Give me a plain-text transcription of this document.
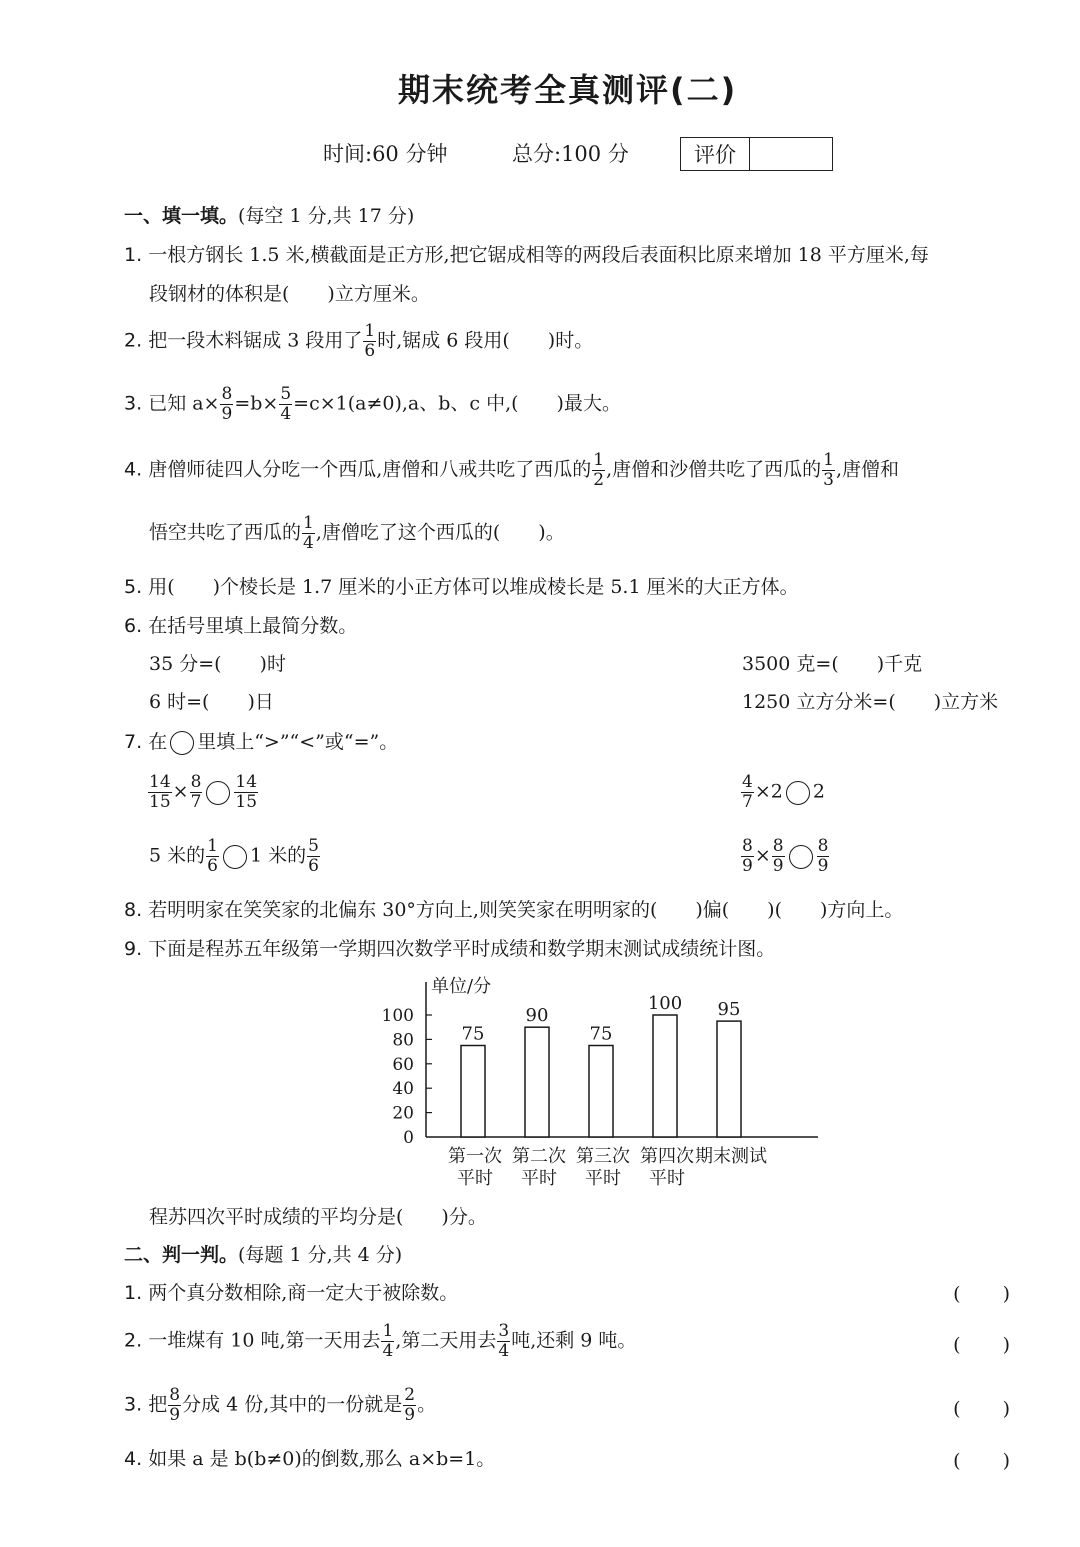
期末统考全真测评(二)
时间:60 分钟	总分:100 分	评价
一、填一填。(每空 1 分,共 17 分)
1. 一根方钢长 1.5 米,横截面是正方形,把它锯成相等的两段后表面积比原来增加 18 平方厘米,每
段钢材的体积是(　　)立方厘米。
2. 把一段木料锯成 3 段用了 $\frac{1}{6}$ 时,锯成 6 段用(　　)时。
3. 已知 $a\times \frac{8}{9} =b\times \frac{5}{4} =c\times 1(a\ne 0),a$、b、c 中,(　　)最大。
4. 唐僧师徒四人分吃一个西瓜,唐僧和八戒共吃了西瓜的 $\frac{1}{2}$ ,唐僧和沙僧共吃了西瓜的 $\frac{1}{3}$ ,唐僧和
悟空共吃了西瓜的 $\frac{1}{4}$ ,唐僧吃了这个西瓜的(　　)。
5. 用(　　)个棱长是 1.7 厘米的小正方体可以堆成棱长是 5.1 厘米的大正方体。
6. 在括号里填上最简分数。
35 分=(　　)时	3500 克=(　　)千克
6 时=(　　)日	1250 立方分米=(　　)立方米
7. 在 里填上“>”“<”或“=”。
$\frac{14}{15} \times \frac{8}{7} \frac{14}{15}$	$\frac{4}{7} \times 2$ 2
5 米的 $\frac{1}{6} 1$ 米的 $\frac{5}{6}$	$\frac{8}{9} \times \frac{8}{9} \frac{8}{9}$
8. 若明明家在笑笑家的北偏东 30°方向上,则笑笑家在明明家的(　　)偏(　　)(　　)方向上。
9. 下面是程苏五年级第一学期四次数学平时成绩和数学期末测试成绩统计图。
单位/分
0
20
40
60
80
100
75
第一次
平时
90
第二次
平时
75
第三次
平时
100
第四次
平时
95
期末测试
程苏四次平时成绩的平均分是(　　)分。
二、判一判。(每题 1 分,共 4 分)
1. 两个真分数相除,商一定大于被除数。	()
2. 一堆煤有 10 吨,第一天用去 $\frac{1}{4}$ ,第二天用去 $\frac{3}{4}$ 吨,还剩 9 吨。	()
3. 把 $\frac{8}{9}$ 分成 4 份,其中的一份就是 $\frac{2}{9}$ 。	()
4. 如果 a 是 b(b≠0)的倒数,那么 a×b=1。	()
